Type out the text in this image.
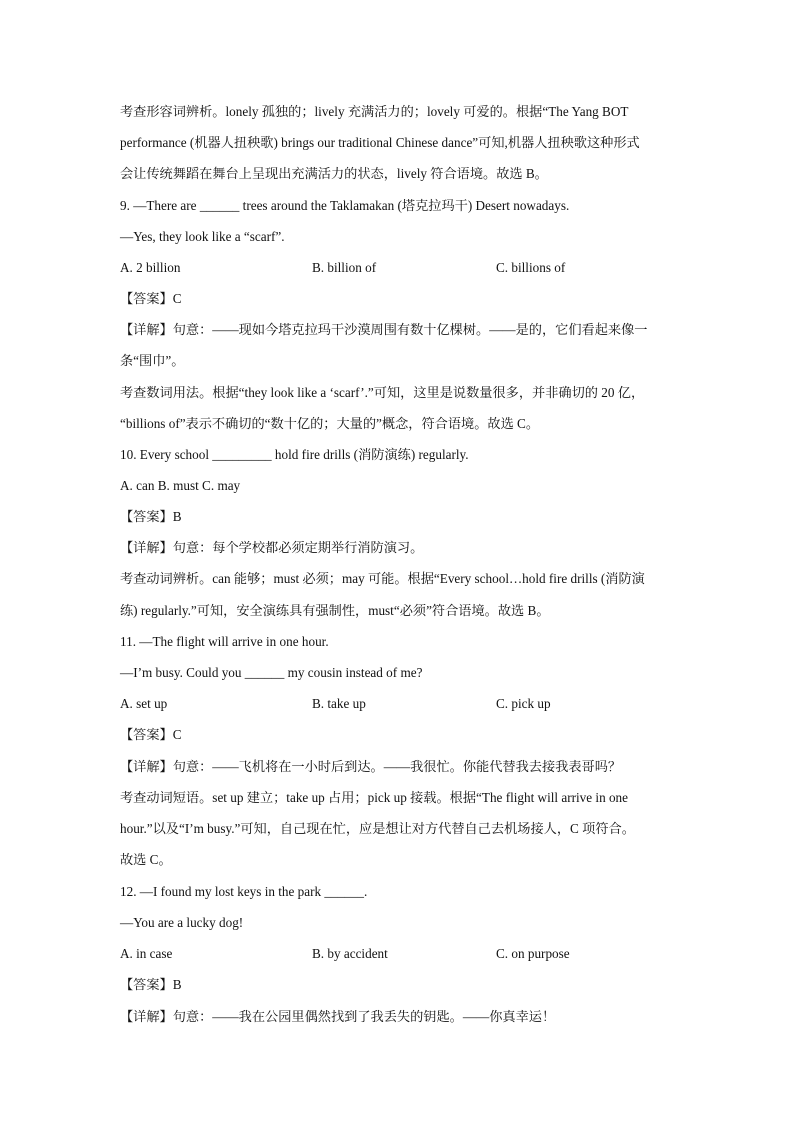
考查形容词辨析。lonely 孤独的；lively 充满活力的；lovely 可爱的。根据“The Yang BOT
performance (机器人扭秧歌) brings our traditional Chinese dance”可知,机器人扭秧歌这种形式
会让传统舞蹈在舞台上呈现出充满活力的状态，lively 符合语境。故选 B。
9. —There are ______ trees around the Taklamakan (塔克拉玛干) Desert nowadays.
—Yes, they look like a “scarf”.
A. 2 billion	B. billion of	C. billions of
【答案】C
【详解】句意：——现如今塔克拉玛干沙漠周围有数十亿棵树。——是的，它们看起来像一
条“围巾”。
考查数词用法。根据“they look like a ‘scarf’.”可知，这里是说数量很多，并非确切的 20 亿，
“billions of”表示不确切的“数十亿的；大量的”概念，符合语境。故选 C。
10. Every school _________ hold fire drills (消防演练) regularly.
A. can B. must C. may
【答案】B
【详解】句意：每个学校都必须定期举行消防演习。
考查动词辨析。can 能够；must 必须；may 可能。根据“Every school…hold fire drills (消防演
练) regularly.”可知，安全演练具有强制性，must“必须”符合语境。故选 B。
11. —The flight will arrive in one hour.
—I’m busy. Could you ______ my cousin instead of me?
A. set up	B. take up	C. pick up
【答案】C
【详解】句意：——飞机将在一小时后到达。——我很忙。你能代替我去接我表哥吗？
考查动词短语。set up 建立；take up 占用；pick up 接载。根据“The flight will arrive in one
hour.”以及“I’m busy.”可知，自己现在忙，应是想让对方代替自己去机场接人，C 项符合。
故选 C。
12. —I found my lost keys in the park ______.
—You are a lucky dog!
A. in case	B. by accident	C. on purpose
【答案】B
【详解】句意：——我在公园里偶然找到了我丢失的钥匙。——你真幸运！
